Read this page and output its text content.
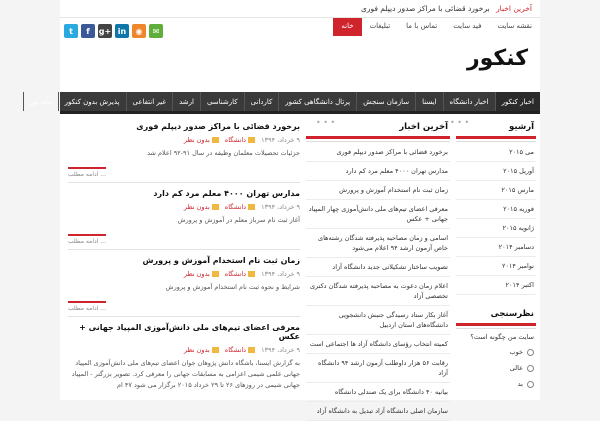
آخرین اخبار برخورد قضائی با مراکز صدور دیپلم فوری
خانه	تبلیغات	تماس با ما	فید سایت	نقشه سایت
t	f	g+ in	◉	✉
کنکور
اخبار کنکور
اخبار دانشگاه
ایسنا
سازمان سنجش
پرتال دانشگاهی کشور
کاردانی
کارشناسی
ارشد
غیر انتفاعی
پذیرش بدون کنکور
پیام نور
برخورد قضائی با مراکز صدور دیپلم فوری
۹ خرداد، ۱۳۹۴
دانشگاه
بدون نظر
جزئیات تحصیلات معلمان وظیفه در سال ۹۱-۹۲ اعلام شد
ادامه مطلب ...
مدارس تهران ۴۰۰۰ معلم مرد کم دارد
۹ خرداد، ۱۳۹۴
دانشگاه
بدون نظر
آغاز ثبت نام سرباز معلم در آموزش و پرورش
ادامه مطلب ...
زمان ثبت نام استخدام آموزش و پرورش
۹ خرداد، ۱۳۹۴
دانشگاه
بدون نظر
شرایط و نحوه ثبت نام استخدام آموزش و پرورش
ادامه مطلب ...
معرفی اعضای تیم‌های ملی دانش‌آموزی المپیاد جهانی + عکس
۹ خرداد، ۱۳۹۴
دانشگاه
بدون نظر
به گزارش ایسنا، باشگاه دانش پژوهان جوان اعضای تیم‌های ملی دانش‌آموزی المپیاد جهانی علمی شیمی اعزامی به مسابقات جهانی را معرفی کرد. تصویر بزرگتر - المپیاد جهانی شیمی در روزهای ۲۶ تا ۲۹ خرداد ۲۰۱۵ برگزار می شود ۴۷ ام
• • •	• • •
آخرین اخبار
برخورد قضائی با مراکز صدور دیپلم فوری
مدارس تهران ۴۰۰۰ معلم مرد کم دارد
زمان ثبت نام استخدام آموزش و پرورش
معرفی اعضای تیم‌های ملی دانش‌آموزی چهار المپیاد جهانی + عکس
اسامی و زمان مصاحبه پذیرفته شدگان رشته‌های خاص آزمون ارشد ۹۴ اعلام می‌شود
تصویب ساختار تشکیلاتی جدید دانشگاه آزاد
اعلام زمان دعوت به مصاحبه پذیرفته شدگان دکتری تخصصی آزاد
آغاز بکار ستاد رسیدگی جنبش دانشجویی دانشگاه‌های استان اردبیل
کمیته انتخاب رؤسای دانشگاه آزاد ها اجتماعی است
رقابت ۵۶ هزار داوطلب آزمون ارشد ۹۴ دانشگاه آزاد
بیانیه ۴۰ دانشگاه برای یک صندلی دانشگاه
سازمان اصلی دانشگاه آزاد تبدیل به دانشگاه آزاد
آرشیو
می ۲۰۱۵
آوریل ۲۰۱۵
مارس ۲۰۱۵
فوریه ۲۰۱۵
ژانویه ۲۰۱۵
دسامبر ۲۰۱۴
نوامبر ۲۰۱۴
اکتبر ۲۰۱۴
نظرسنجی
سایت من چگونه است؟
خوب
عالی
بد
